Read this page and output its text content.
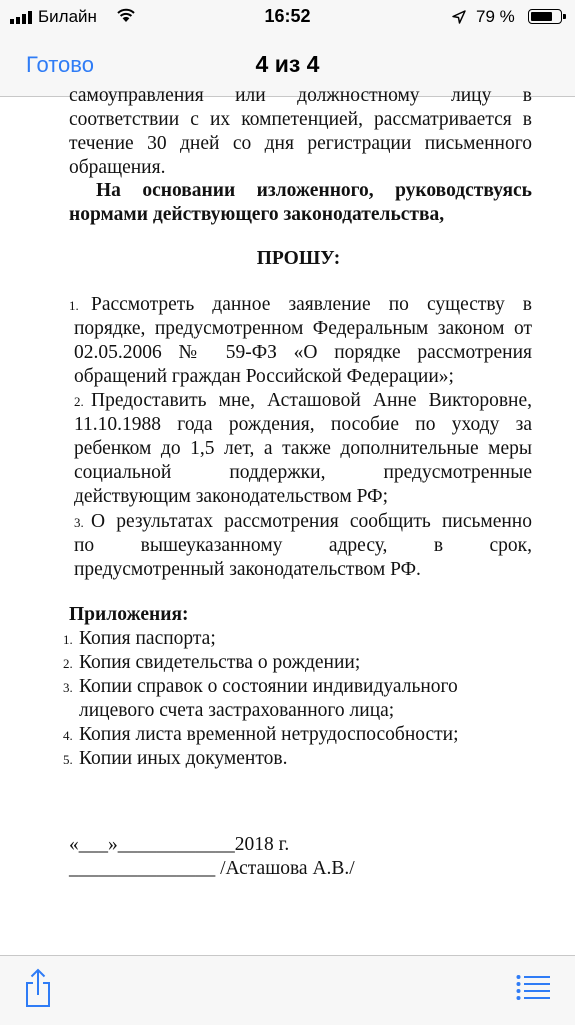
Билайн	16:52	79 %
Готово	4 из 4
самоуправления или должностному лицу в
соответствии с их компетенцией, рассматривается в
течение 30 дней со дня регистрации письменного
обращения.
На основании изложенного, руководствуясь
нормами действующего законодательства,
ПРОШУ:
1. Рассмотреть данное заявление по существу в
порядке, предусмотренном Федеральным законом от
02.05.2006 № 59-ФЗ «О порядке рассмотрения
обращений граждан Российской Федерации»;
2. Предоставить мне, Асташовой Анне Викторовне,
11.10.1988 года рождения, пособие по уходу за
ребенком до 1,5 лет, а также дополнительные меры
социальной поддержки, предусмотренные
действующим законодательством РФ;
3. О результатах рассмотрения сообщить письменно
по вышеуказанному адресу, в срок,
предусмотренный законодательством РФ.
Приложения:
1. Копия паспорта;
2. Копия свидетельства о рождении;
3. Копии справок о состоянии индивидуального
лицевого счета застрахованного лица;
4. Копия листа временной нетрудоспособности;
5. Копии иных документов.
«___»____________2018 г.
_______________ /Асташова А.В./
